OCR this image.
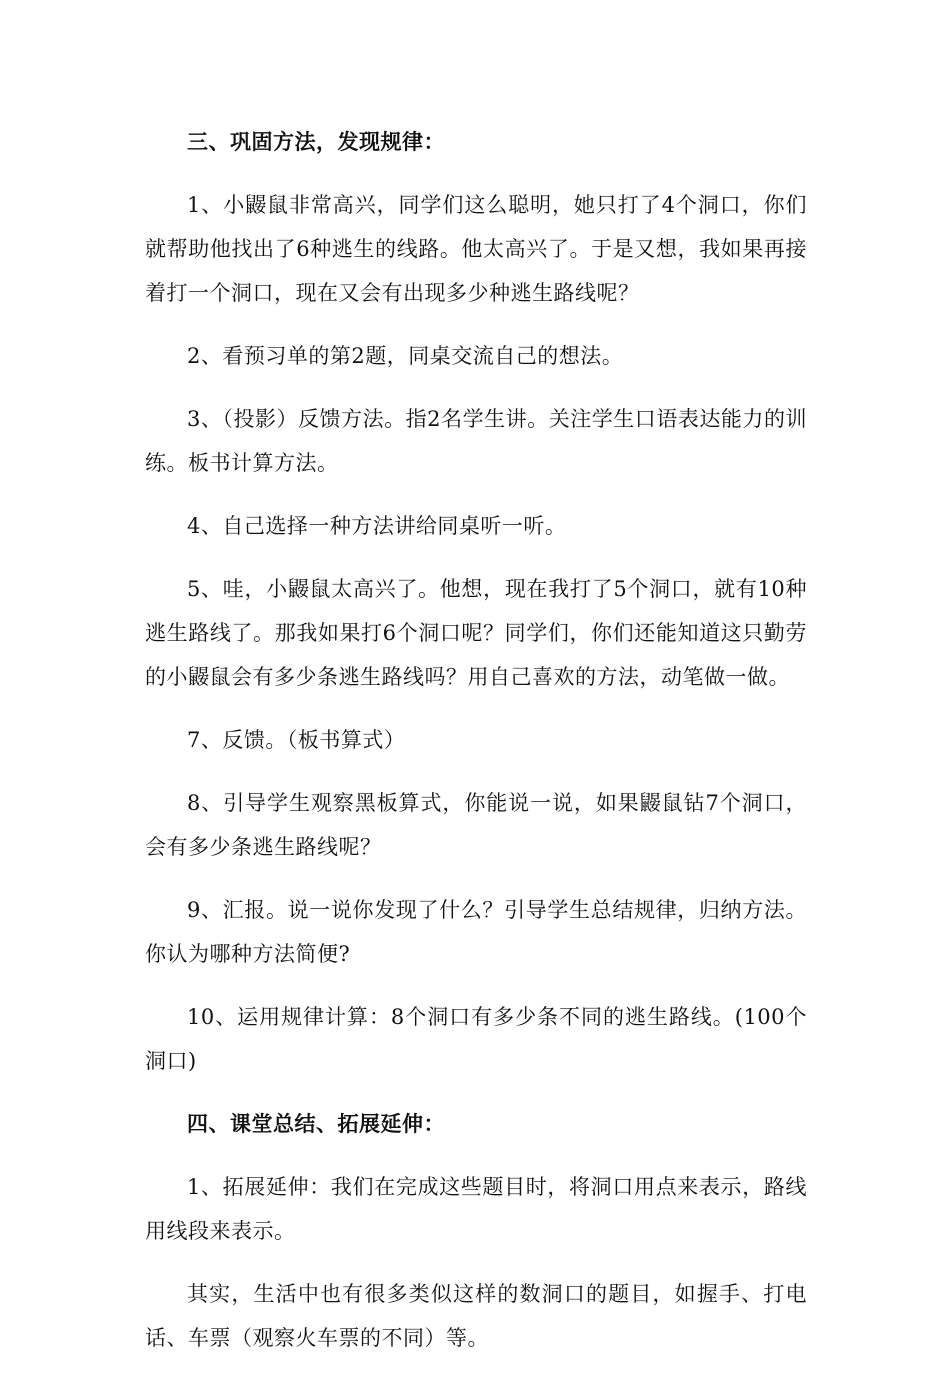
三、巩固方法，发现规律：

1、小鼹鼠非常高兴，同学们这么聪明，她只打了4个洞口，你们就帮助他找出了6种逃生的线路。他太高兴了。于是又想，我如果再接着打一个洞口，现在又会有出现多少种逃生路线呢？

2、看预习单的第2题，同桌交流自己的想法。

3、（投影）反馈方法。指2名学生讲。关注学生口语表达能力的训练。板书计算方法。

4、自己选择一种方法讲给同桌听一听。

5、哇，小鼹鼠太高兴了。他想，现在我打了5个洞口，就有10种逃生路线了。那我如果打6个洞口呢？同学们，你们还能知道这只勤劳的小鼹鼠会有多少条逃生路线吗？用自己喜欢的方法，动笔做一做。

7、反馈。（板书算式）

8、引导学生观察黑板算式，你能说一说，如果鼹鼠钻7个洞口，会有多少条逃生路线呢？

9、汇报。说一说你发现了什么？引导学生总结规律，归纳方法。你认为哪种方法简便?

10、运用规律计算：8个洞口有多少条不同的逃生路线。(100个洞口)

四、课堂总结、拓展延伸：

1、拓展延伸：我们在完成这些题目时，将洞口用点来表示，路线用线段来表示。

其实，生活中也有很多类似这样的数洞口的题目，如握手、打电话、车票（观察火车票的不同）等。
